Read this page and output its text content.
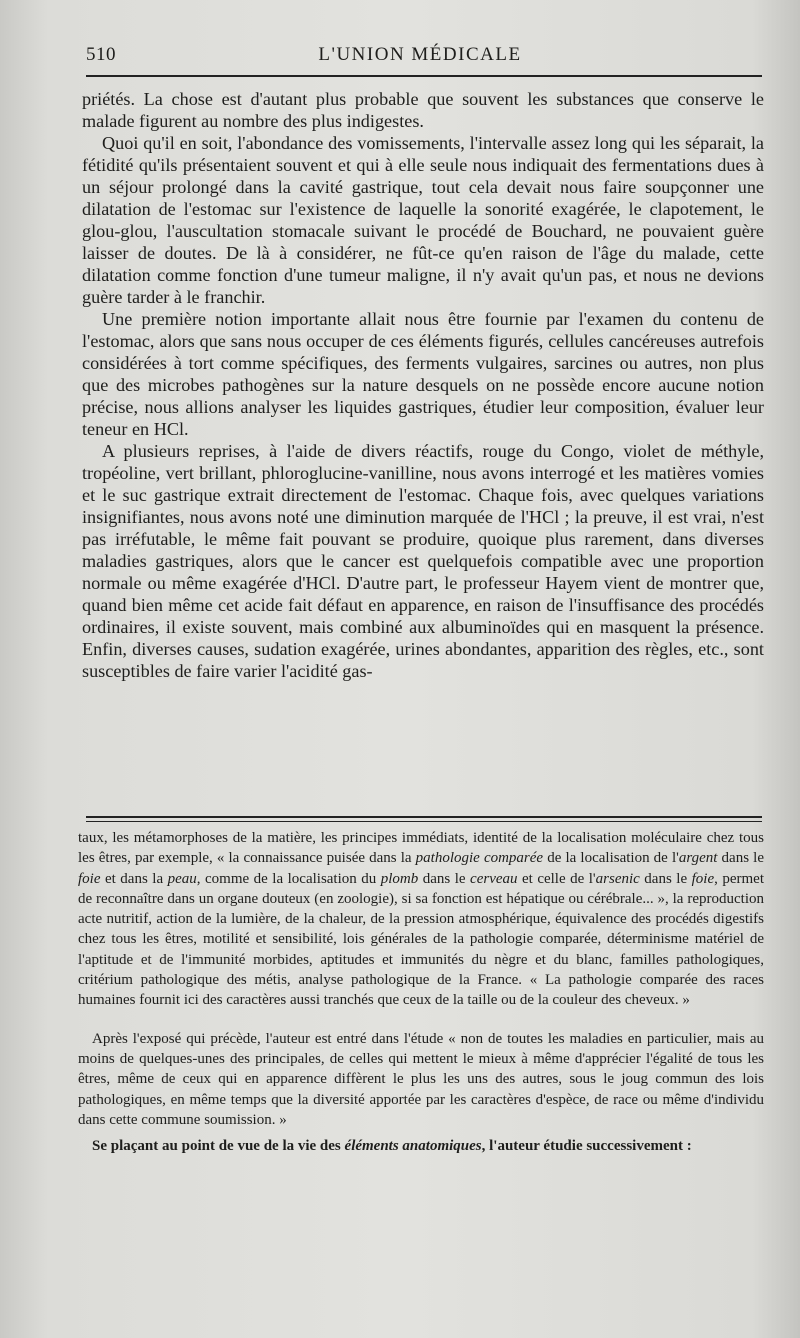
510	L'UNION MÉDICALE

priétés. La chose est d'autant plus probable que souvent les substances que conserve le malade figurent au nombre des plus indigestes.

Quoi qu'il en soit, l'abondance des vomissements, l'intervalle assez long qui les séparait, la fétidité qu'ils présentaient souvent et qui à elle seule nous indiquait des fermentations dues à un séjour prolongé dans la cavité gastrique, tout cela devait nous faire soupçonner une dilatation de l'estomac sur l'existence de laquelle la sonorité exagérée, le clapotement, le glou-glou, l'auscultation stomacale suivant le procédé de Bouchard, ne pouvaient guère laisser de doutes. De là à considérer, ne fût-ce qu'en raison de l'âge du malade, cette dilatation comme fonction d'une tumeur maligne, il n'y avait qu'un pas, et nous ne devions guère tarder à le franchir.

Une première notion importante allait nous être fournie par l'examen du contenu de l'estomac, alors que sans nous occuper de ces éléments figurés, cellules cancéreuses autrefois considérées à tort comme spécifiques, des ferments vulgaires, sarcines ou autres, non plus que des microbes pathogènes sur la nature desquels on ne possède encore aucune notion précise, nous allions analyser les liquides gastriques, étudier leur composition, évaluer leur teneur en HCl.

A plusieurs reprises, à l'aide de divers réactifs, rouge du Congo, violet de méthyle, tropéoline, vert brillant, phloroglucine-vanilline, nous avons interrogé et les matières vomies et le suc gastrique extrait directement de l'estomac. Chaque fois, avec quelques variations insignifiantes, nous avons noté une diminution marquée de l'HCl ; la preuve, il est vrai, n'est pas irréfutable, le même fait pouvant se produire, quoique plus rarement, dans diverses maladies gastriques, alors que le cancer est quelquefois compatible avec une proportion normale ou même exagérée d'HCl. D'autre part, le professeur Hayem vient de montrer que, quand bien même cet acide fait défaut en apparence, en raison de l'insuffisance des procédés ordinaires, il existe souvent, mais combiné aux albuminoïdes qui en masquent la présence. Enfin, diverses causes, sudation exagérée, urines abondantes, apparition des règles, etc., sont susceptibles de faire varier l'acidité gas-

taux, les métamorphoses de la matière, les principes immédiats, identité de la localisation moléculaire chez tous les êtres, par exemple, « la connaissance puisée dans la pathologie comparée de la localisation de l'argent dans le foie et dans la peau, comme de la localisation du plomb dans le cerveau et celle de l'arsenic dans le foie, permet de reconnaître dans un organe douteux (en zoologie), si sa fonction est hépatique ou cérébrale... », la reproduction acte nutritif, action de la lumière, de la chaleur, de la pression atmosphérique, équivalence des procédés digestifs chez tous les êtres, motilité et sensibilité, lois générales de la pathologie comparée, déterminisme matériel de l'aptitude et de l'immunité morbides, aptitudes et immunités du nègre et du blanc, familles pathologiques, critérium pathologique des métis, analyse pathologique de la France. « La pathologie comparée des races humaines fournit ici des caractères aussi tranchés que ceux de la taille ou de la couleur des cheveux. »

Après l'exposé qui précède, l'auteur est entré dans l'étude « non de toutes les maladies en particulier, mais au moins de quelques-unes des principales, de celles qui mettent le mieux à même d'apprécier l'égalité de tous les êtres, même de ceux qui en apparence diffèrent le plus les uns des autres, sous le joug commun des lois pathologiques, en même temps que la diversité apportée par les caractères d'espèce, de race ou même d'individu dans cette commune soumission. »

Se plaçant au point de vue de la vie des éléments anatomiques, l'auteur étudie successivement :
